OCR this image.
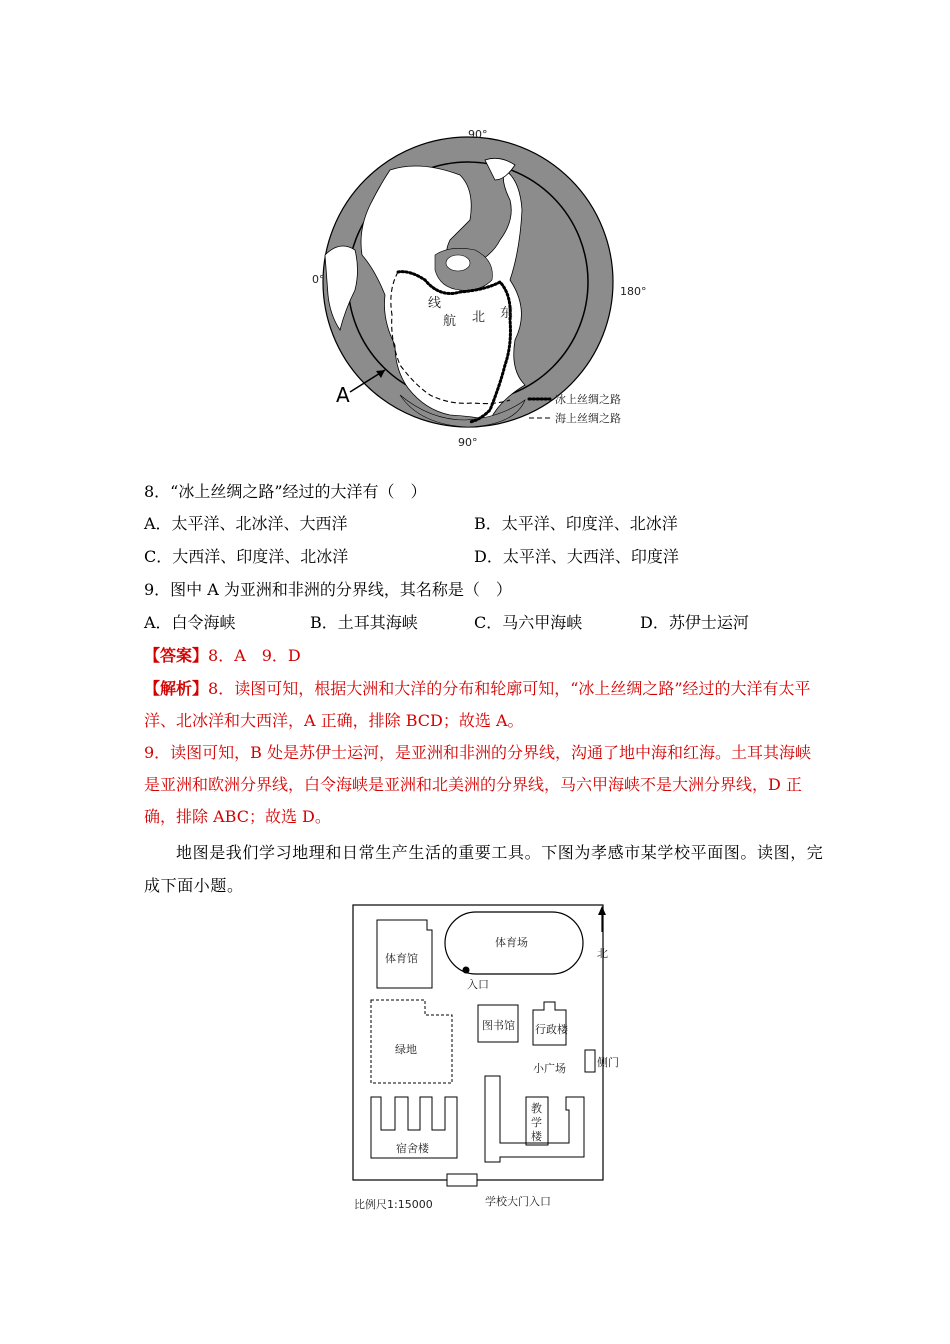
90°
90°
0°
180°
A
线
航 北 东
冰上丝绸之路
海上丝绸之路
8．“冰上丝绸之路”经过的大洋有（　）
A．太平洋、北冰洋、大西洋	B．太平洋、印度洋、北冰洋
C．大西洋、印度洋、北冰洋	D．太平洋、大西洋、印度洋
9．图中 A 为亚洲和非洲的分界线，其名称是（　）
A．白令海峡	B．土耳其海峡	C．马六甲海峡	D．苏伊士运河
【答案】8．A　9．D
【解析】8．读图可知，根据大洲和大洋的分布和轮廓可知，“冰上丝绸之路”经过的大洋有太平
洋、北冰洋和大西洋，A 正确，排除 BCD；故选 A。
9．读图可知，B 处是苏伊士运河，是亚洲和非洲的分界线，沟通了地中海和红海。土耳其海峡
是亚洲和欧洲分界线，白令海峡是亚洲和北美洲的分界线，马六甲海峡不是大洲分界线，D 正
确，排除 ABC；故选 D。
地图是我们学习地理和日常生产生活的重要工具。下图为孝感市某学校平面图。读图，完
成下面小题。
体育场
体育馆
入口
图书馆 行政楼
绿地
小广场	侧门
教
学
楼
宿舍楼
学校大门入口
比例尺1:15000
北
